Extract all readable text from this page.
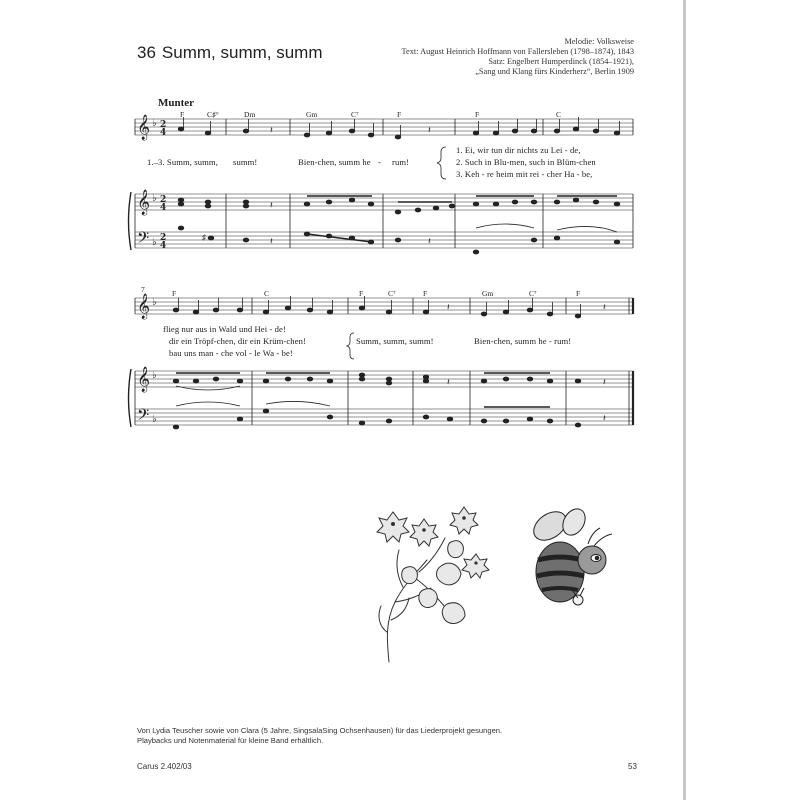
36 Summ, summ, summ
Melodie: Volksweise
Text: August Heinrich Hoffmann von Fallersleben (1798–1874), 1843
Satz: Engelbert Humperdinck (1854–1921),
„Sang und Klang fürs Kinderherz“, Berlin 1909
Munter
𝄞
𝄞
𝄢
𝄞
𝄞
𝄢
♭
♭
♭
♭
♭
♭
2
4
2
4
2
4
𝄽	𝄽
𝄽
♯	𝄽	𝄽
𝄽	𝄽
𝄽	𝄽
𝄽
F	C♯°	Dm	Gm	C⁷	F	F	C
1.–3. Summ, summ, summ!	Bien-chen, summ he - rum!
1. Ei, wir tun dir nichts zu Lei - de,
2. Such in Blu-men, such in Blüm-chen
3. Keh - re heim mit rei - cher Ha - be,
7	F	C	F	C⁷	F	Gm	C⁷	F
flieg nur aus in Wald und Hei - de!
dir ein Tröpf-chen, dir ein Krüm-chen!
bau uns man - che vol - le Wa - be!
Summ, summ, summ!	Bien-chen, summ he - rum!
Von Lydia Teuscher sowie von Clara (5 Jahre, SingsalaSing Ochsenhausen) für das Liederprojekt gesungen.
Playbacks und Notenmaterial für kleine Band erhältlich.
Carus 2.402/03	53
